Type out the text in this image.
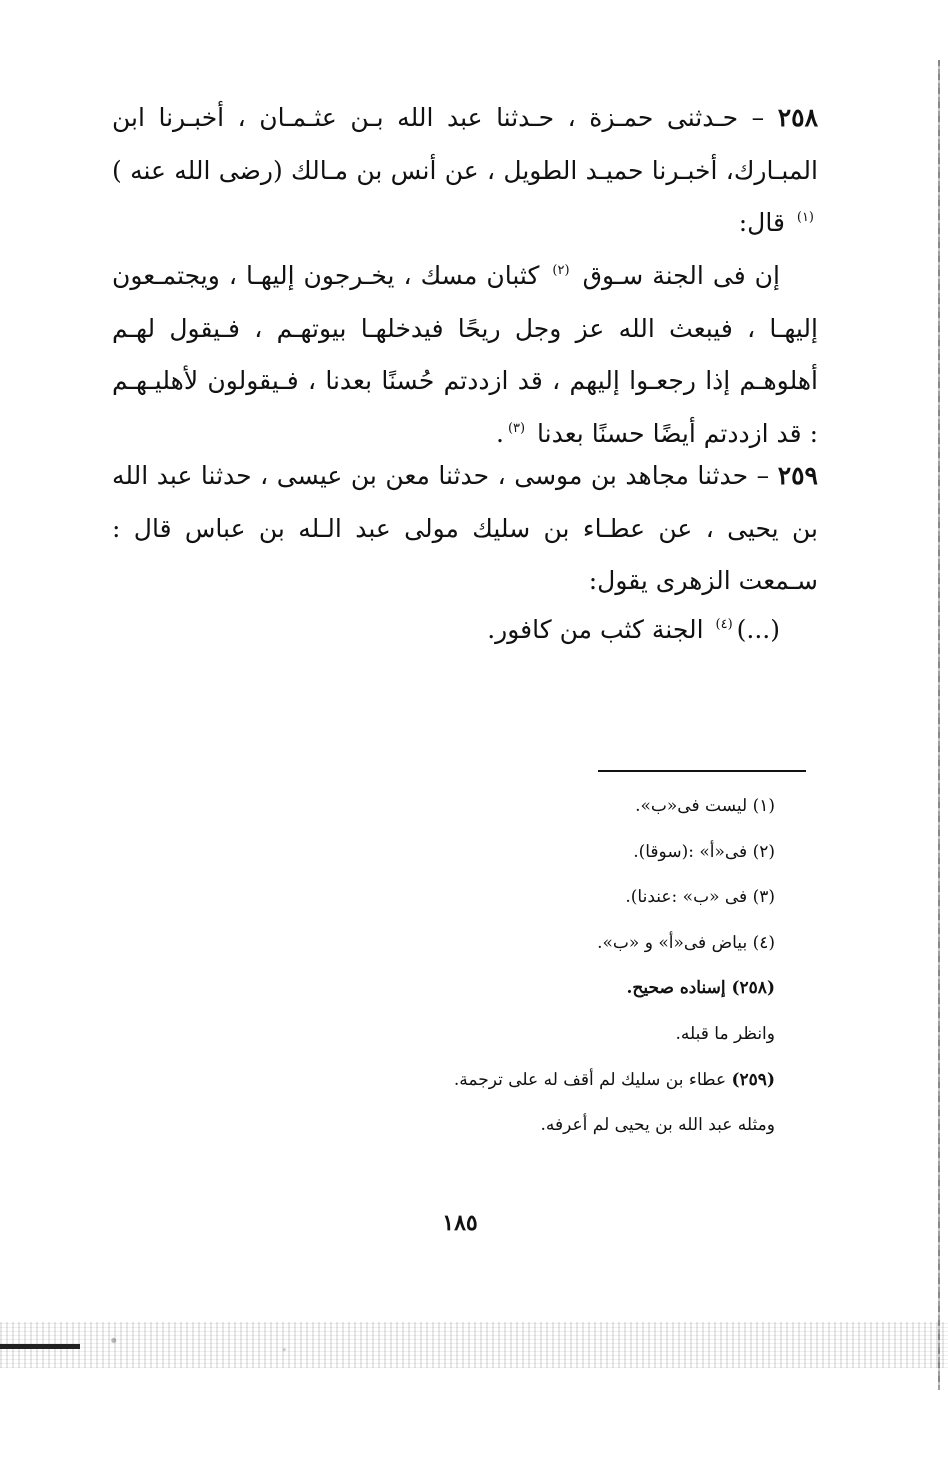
٢٥٨ – حـدثنى حمـزة ، حـدثنا عبد الله بـن عثـمـان ، أخبـرنا ابن المبـارك، أخبـرنا حميـد الطويل ، عن أنس بن مـالك (رضى الله عنه ) $^{(١)}$ قال:

إن فى الجنة سـوق $^{(٢)}$ كثبان مسك ، يخـرجون إليهـا ، ويجتمـعون إليهـا ، فيبعث الله عز وجل ريحًا فيدخلهـا بيوتهـم ، فـيقول لهـم أهلوهـم إذا رجعـوا إليهم ، قد ازددتم حُسنًا بعدنا ، فـيقولون لأهليـهـم : قد ازددتم أيضًا حسنًا بعدنا $^{(٣)}$.

٢٥٩ – حدثنا مجاهد بن موسى ، حدثنا معن بن عيسى ، حدثنا عبد الله بن يحيى ، عن عطـاء بن سليك مولى عبد الـله بن عباس قال : سـمعت الزهرى يقول:

(...)$^{(٤)}$ الجنة كثب من كافور.

(١) ليست فى«ب».
(٢) فى«أ» :(سوقا).
(٣) فى «ب» :عندنا).
(٤) بياض فى«أ» و «ب».
(٢٥٨) إسناده صحيح.
وانظر ما قبله.
(٢٥٩) عطاء بن سليك لم أقف له على ترجمة.
ومثله عبد الله بن يحيى لم أعرفه.
١٨٥
